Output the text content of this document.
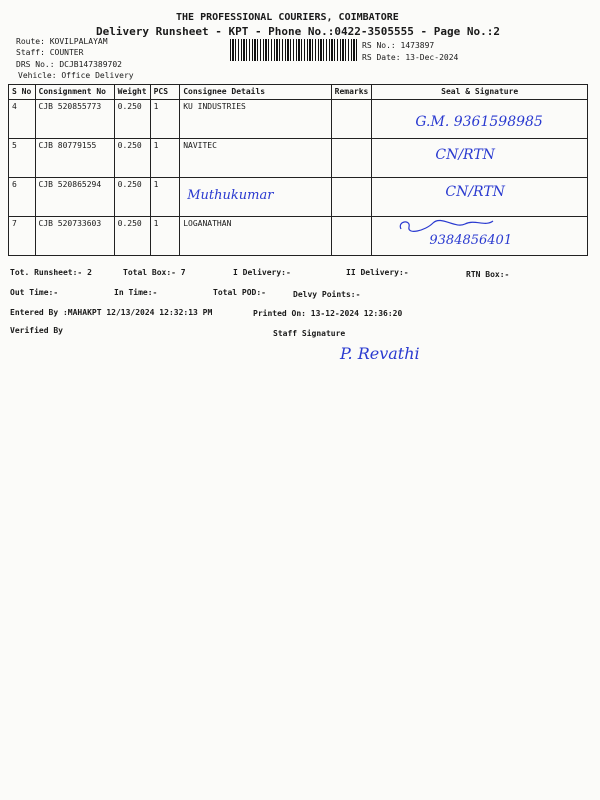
THE PROFESSIONAL COURIERS, COIMBATORE
Delivery Runsheet - KPT - Phone No.:0422-3505555 - Page No.:2
Route: KOVILPALAYAM
Staff: COUNTER
DRS No.: DCJB147389702
Vehicle: Office Delivery
RS No.: 1473897
RS Date: 13-Dec-2024
S No	Consignment No	Weight	PCS	Consignee Details	Remarks	Seal & Signature
4	CJB 520855773	0.250	1	KU INDUSTRIES		G.M. 9361598985
5	CJB 80779155	0.250	1	NAVITEC		CN/RTN
6	CJB 520865294	0.250	1	Muthukumar		CN/RTN
7	CJB 520733603	0.250	1	LOGANATHAN		9384856401
Tot. Runsheet:- 2	Total Box:- 7	I Delivery:-	II Delivery:-	RTN Box:-
Out Time:-	In Time:-	Total POD:-	Delvy Points:-
Entered By :MAHAKPT 12/13/2024 12:32:13 PM	Printed On: 13-12-2024 12:36:20
Verified By	Staff Signature
P. Revathi
